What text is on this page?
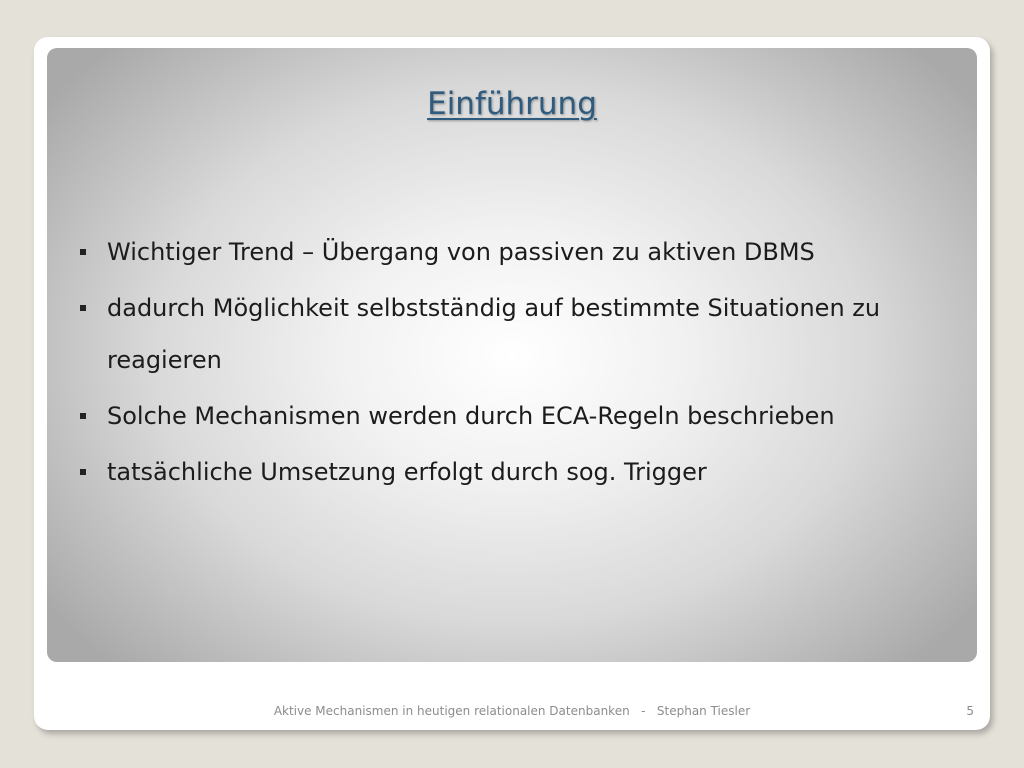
Einführung
Wichtiger Trend – Übergang von passiven zu aktiven DBMS
dadurch Möglichkeit selbstständig auf bestimmte Situationen zu reagieren
Solche Mechanismen werden durch ECA-Regeln beschrieben
tatsächliche Umsetzung erfolgt durch sog. Trigger
Aktive Mechanismen in heutigen relationalen Datenbanken   -   Stephan Tiesler	5
